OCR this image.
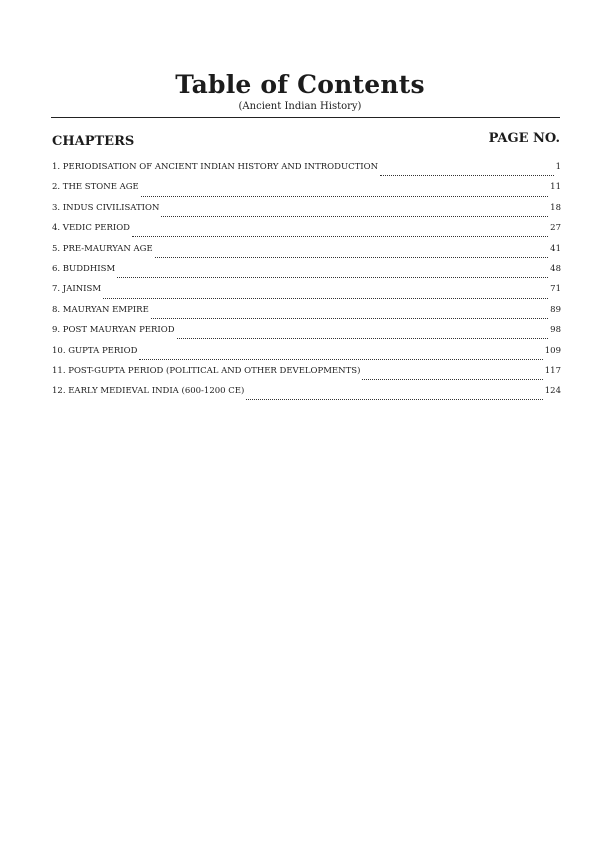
Table of Contents
(Ancient Indian History)
CHAPTERS	PAGE NO.
1. PERIODISATION OF ANCIENT INDIAN HISTORY AND INTRODUCTION	1
2. THE STONE AGE	11
3. INDUS CIVILISATION	18
4. VEDIC PERIOD	27
5. PRE-MAURYAN AGE	41
6. BUDDHISM	48
7. JAINISM	71
8. MAURYAN EMPIRE	89
9. POST MAURYAN PERIOD	98
10. GUPTA PERIOD	109
11. POST-GUPTA PERIOD (POLITICAL AND OTHER DEVELOPMENTS)	117
12. EARLY MEDIEVAL INDIA (600-1200 CE)	124
